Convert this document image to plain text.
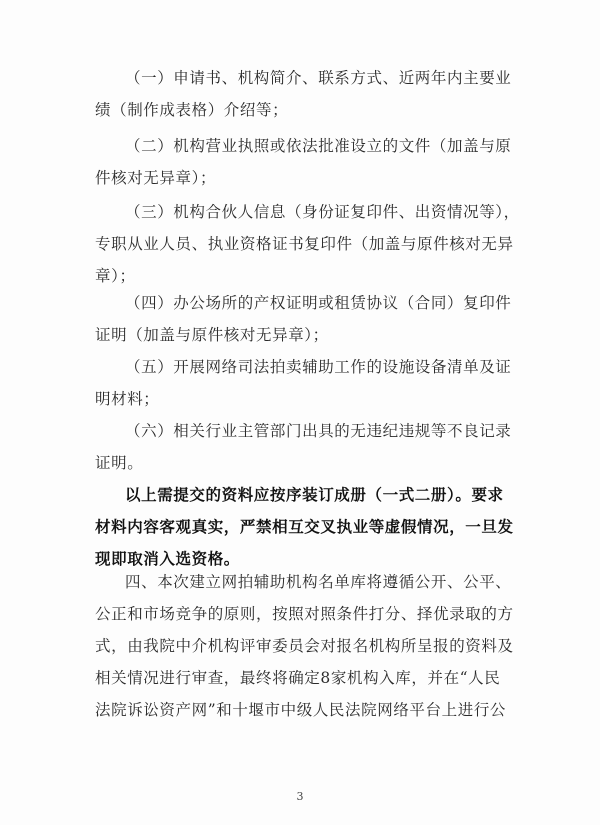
（一）申请书、机构简介、联系方式、近两年内主要业
绩（制作成表格）介绍等；

（二）机构营业执照或依法批准设立的文件（加盖与原
件核对无异章）；

（三）机构合伙人信息（身份证复印件、出资情况等），
专职从业人员、执业资格证书复印件（加盖与原件核对无异
章）；

（四）办公场所的产权证明或租赁协议（合同）复印件
证明（加盖与原件核对无异章）；

（五）开展网络司法拍卖辅助工作的设施设备清单及证
明材料；

（六）相关行业主管部门出具的无违纪违规等不良记录
证明。

以上需提交的资料应按序装订成册（一式二册）。要求
材料内容客观真实，严禁相互交叉执业等虚假情况，一旦发
现即取消入选资格。

四、本次建立网拍辅助机构名单库将遵循公开、公平、
公正和市场竞争的原则，按照对照条件打分、择优录取的方
式，由我院中介机构评审委员会对报名机构所呈报的资料及
相关情况进行审查，最终将确定8家机构入库，并在“人民
法院诉讼资产网”和十堰市中级人民法院网络平台上进行公

3
